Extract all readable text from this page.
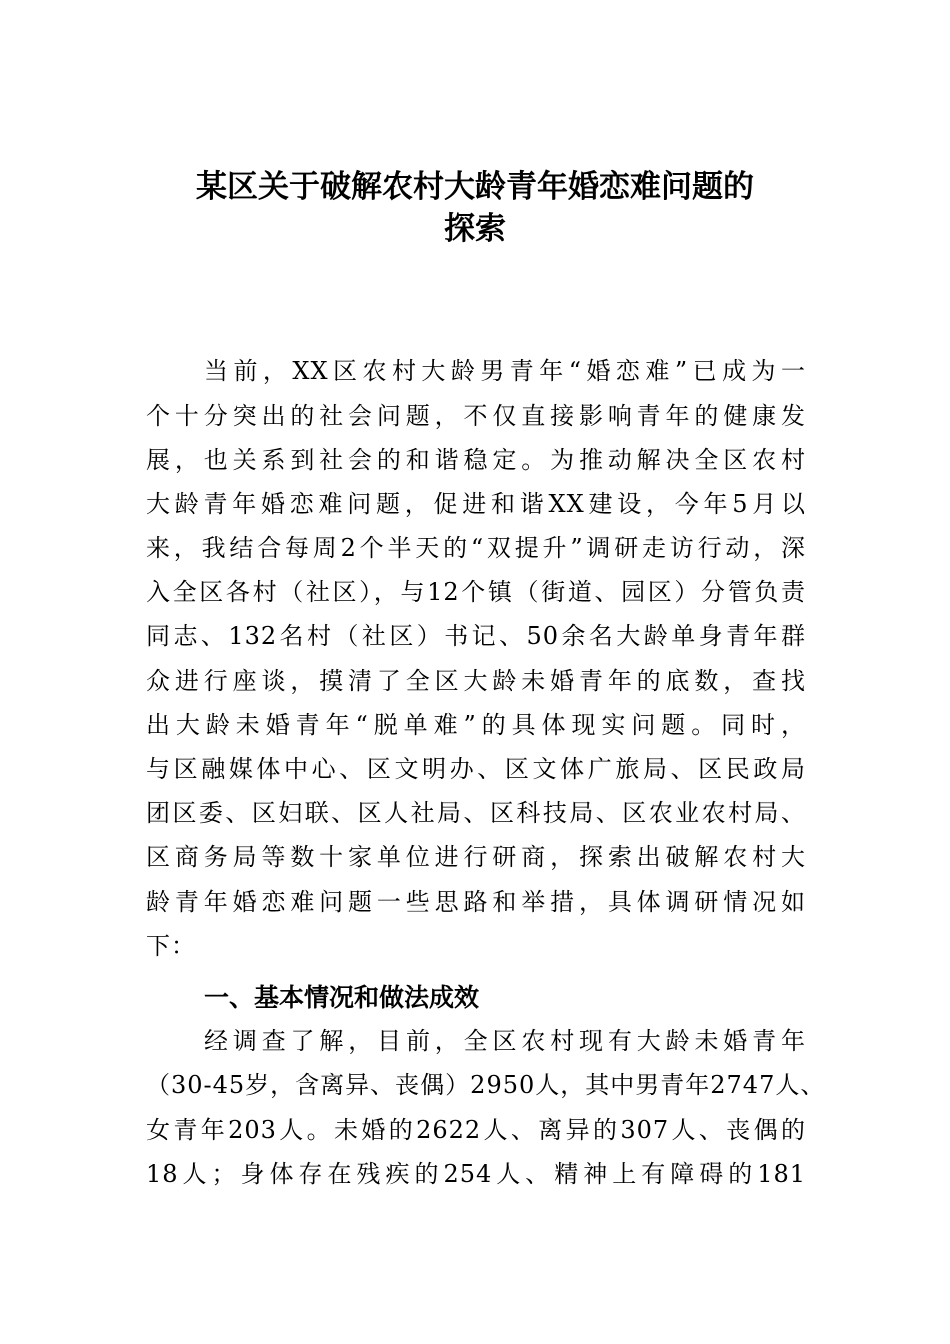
某区关于破解农村大龄青年婚恋难问题的
探索
当前，XX区农村大龄男青年“婚恋难”已成为一
个十分突出的社会问题，不仅直接影响青年的健康发
展，也关系到社会的和谐稳定。为推动解决全区农村
大龄青年婚恋难问题，促进和谐XX建设，今年5月以
来，我结合每周2个半天的“双提升”调研走访行动，深
入全区各村（社区），与12个镇（街道、园区）分管负责
同志、132名村（社区）书记、50余名大龄单身青年群
众进行座谈，摸清了全区大龄未婚青年的底数，查找
出大龄未婚青年“脱单难”的具体现实问题。同时，
与区融媒体中心、区文明办、区文体广旅局、区民政局
团区委、区妇联、区人社局、区科技局、区农业农村局、
区商务局等数十家单位进行研商，探索出破解农村大
龄青年婚恋难问题一些思路和举措，具体调研情况如
下：
一、基本情况和做法成效
经调查了解，目前，全区农村现有大龄未婚青年
（30-45岁，含离异、丧偶）2950人，其中男青年2747人、
女青年203人。未婚的2622人、离异的307人、丧偶的
18人；身体存在残疾的254人、精神上有障碍的181
